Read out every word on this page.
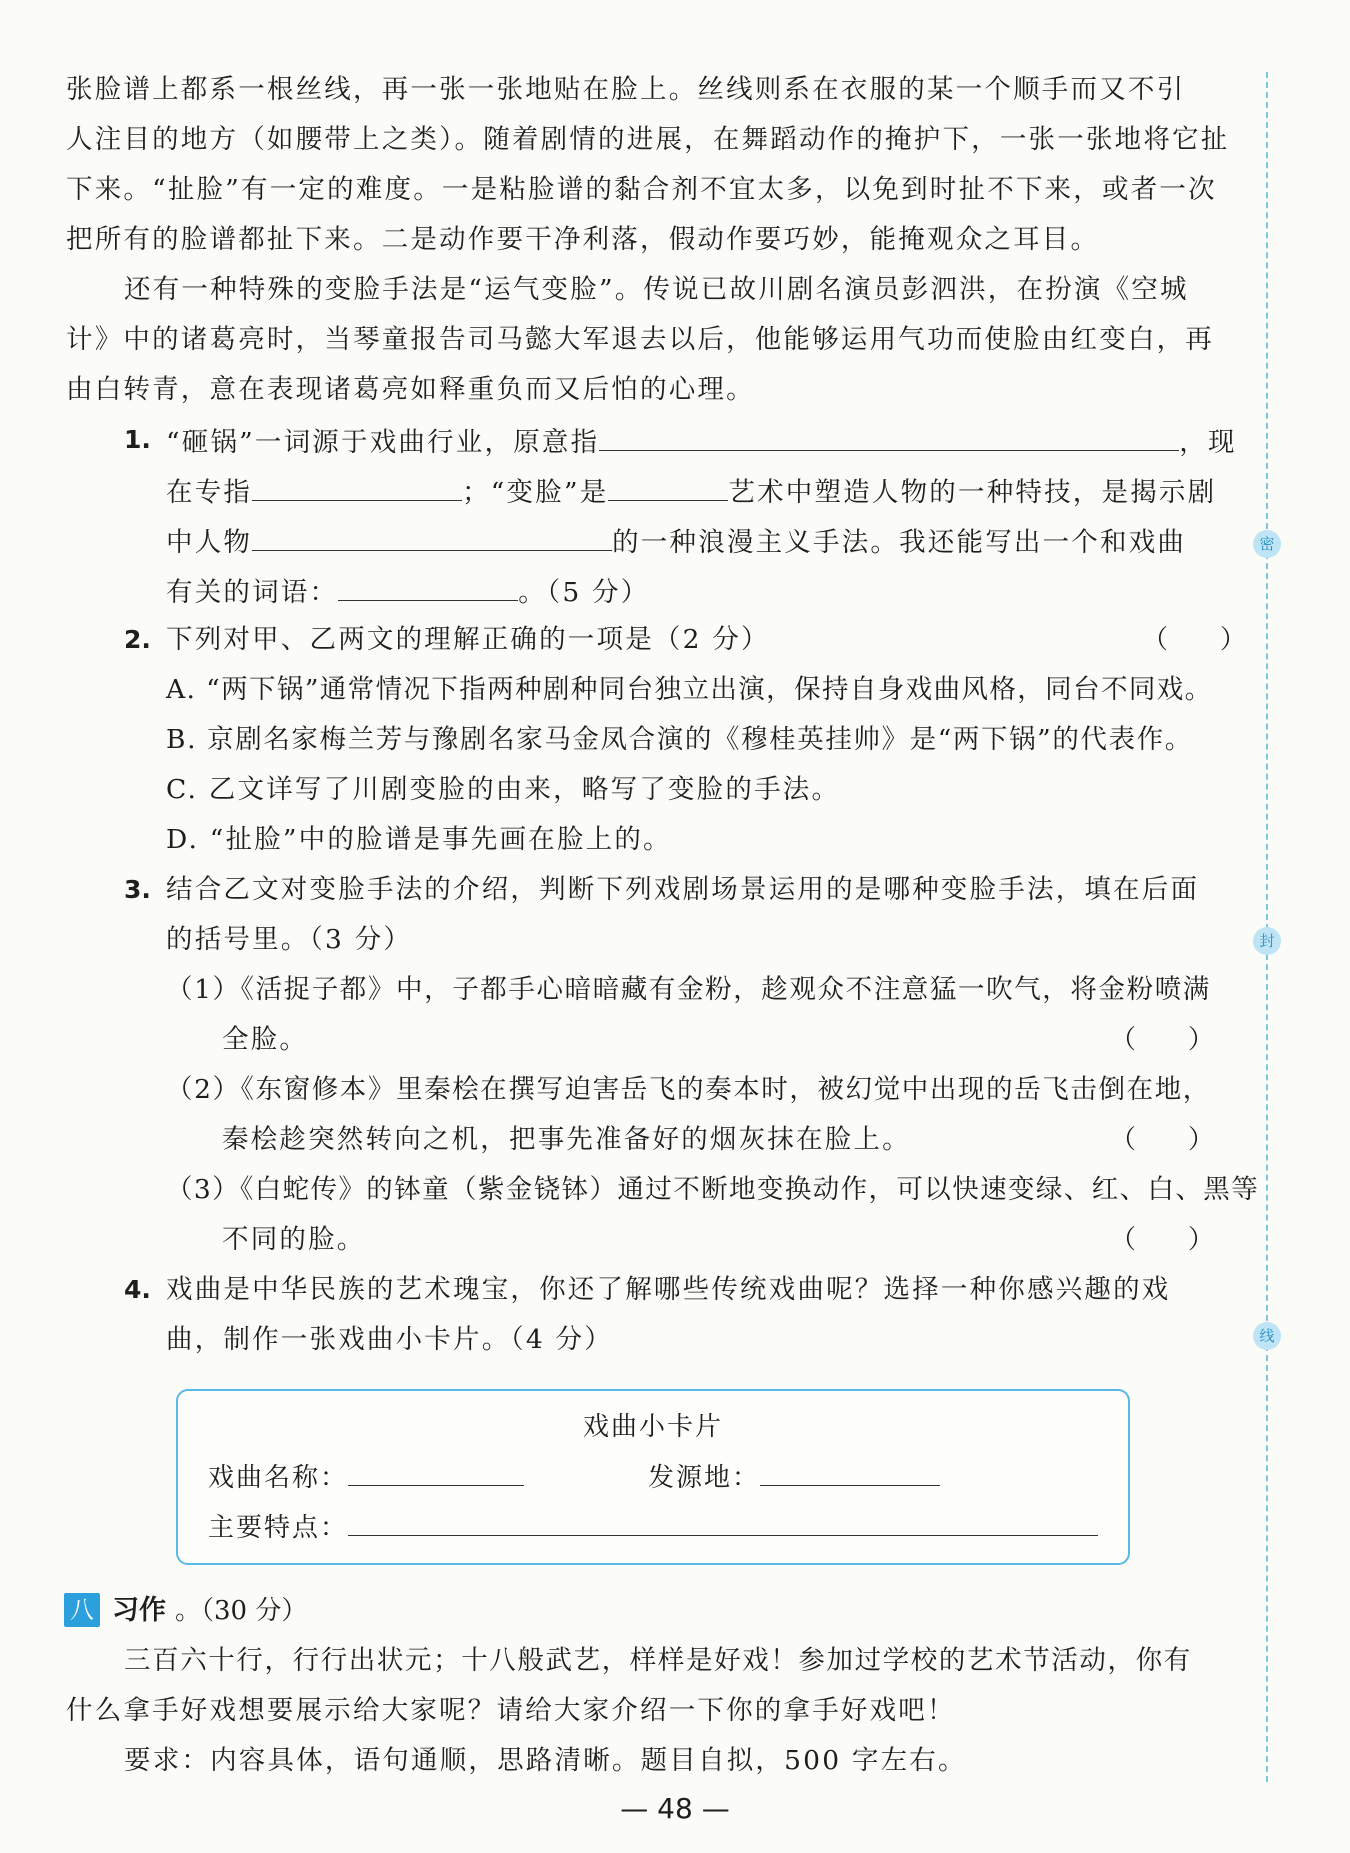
张脸谱上都系一根丝线，再一张一张地贴在脸上。丝线则系在衣服的某一个顺手而又不引
人注目的地方（如腰带上之类）。随着剧情的进展，在舞蹈动作的掩护下，一张一张地将它扯
下来。“扯脸”有一定的难度。一是粘脸谱的黏合剂不宜太多，以免到时扯不下来，或者一次
把所有的脸谱都扯下来。二是动作要干净利落，假动作要巧妙，能掩观众之耳目。
还有一种特殊的变脸手法是“运气变脸”。传说已故川剧名演员彭泗洪，在扮演《空城
计》中的诸葛亮时，当琴童报告司马懿大军退去以后，他能够运用气功而使脸由红变白，再
由白转青，意在表现诸葛亮如释重负而又后怕的心理。
1. “砸锅”一词源于戏曲行业，原意指	，现
在专指	；“变脸”是	艺术中塑造人物的一种特技，是揭示剧
中人物	的一种浪漫主义手法。我还能写出一个和戏曲
有关的词语：	。（5 分）
2. 下列对甲、乙两文的理解正确的一项是（2 分）	（　　）
A. “两下锅”通常情况下指两种剧种同台独立出演，保持自身戏曲风格，同台不同戏。
B. 京剧名家梅兰芳与豫剧名家马金凤合演的《穆桂英挂帅》是“两下锅”的代表作。
C. 乙文详写了川剧变脸的由来，略写了变脸的手法。
D. “扯脸”中的脸谱是事先画在脸上的。
3. 结合乙文对变脸手法的介绍，判断下列戏剧场景运用的是哪种变脸手法，填在后面
的括号里。（3 分）
（1）《活捉子都》中，子都手心暗暗藏有金粉，趁观众不注意猛一吹气，将金粉喷满
全脸。	（　　）
（2）《东窗修本》里秦桧在撰写迫害岳飞的奏本时，被幻觉中出现的岳飞击倒在地，
秦桧趁突然转向之机，把事先准备好的烟灰抹在脸上。	（　　）
（3）《白蛇传》的钵童（紫金铙钵）通过不断地变换动作，可以快速变绿、红、白、黑等
不同的脸。	（　　）
4. 戏曲是中华民族的艺术瑰宝，你还了解哪些传统戏曲呢？选择一种你感兴趣的戏
曲，制作一张戏曲小卡片。（4 分）
戏曲小卡片
戏曲名称：	发源地：
主要特点：
八 习作 。（30 分）
三百六十行，行行出状元；十八般武艺，样样是好戏！参加过学校的艺术节活动，你有
什么拿手好戏想要展示给大家呢？请给大家介绍一下你的拿手好戏吧！
要求：内容具体，语句通顺，思路清晰。题目自拟，500 字左右。
— 48 —
密
封
线
